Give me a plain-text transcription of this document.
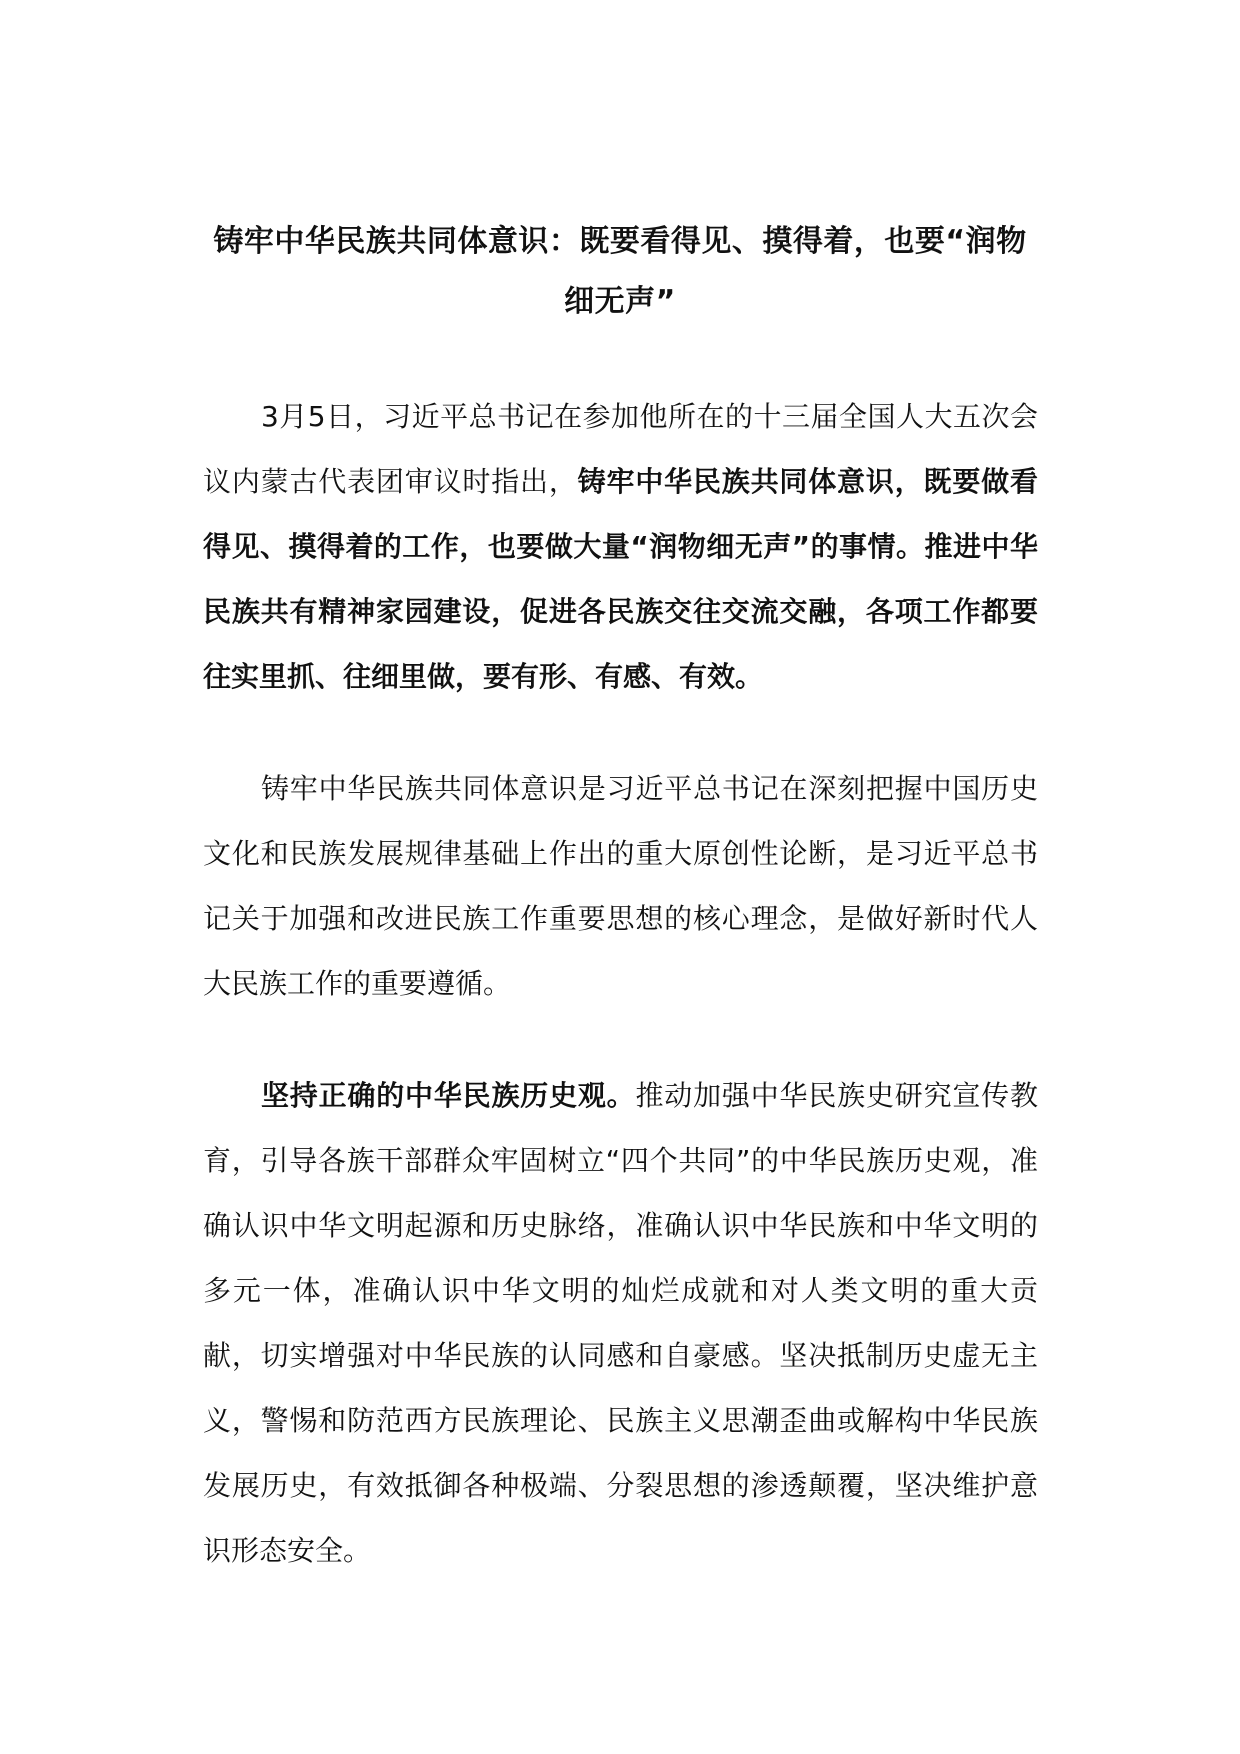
铸牢中华民族共同体意识：既要看得见、摸得着，也要“润物细无声”

3月5日，习近平总书记在参加他所在的十三届全国人大五次会议内蒙古代表团审议时指出，铸牢中华民族共同体意识，既要做看得见、摸得着的工作，也要做大量“润物细无声”的事情。推进中华民族共有精神家园建设，促进各民族交往交流交融，各项工作都要往实里抓、往细里做，要有形、有感、有效。

铸牢中华民族共同体意识是习近平总书记在深刻把握中国历史文化和民族发展规律基础上作出的重大原创性论断，是习近平总书记关于加强和改进民族工作重要思想的核心理念，是做好新时代人大民族工作的重要遵循。

坚持正确的中华民族历史观。推动加强中华民族史研究宣传教育，引导各族干部群众牢固树立“四个共同”的中华民族历史观，准确认识中华文明起源和历史脉络，准确认识中华民族和中华文明的多元一体，准确认识中华文明的灿烂成就和对人类文明的重大贡献，切实增强对中华民族的认同感和自豪感。坚决抵制历史虚无主义，警惕和防范西方民族理论、民族主义思潮歪曲或解构中华民族发展历史，有效抵御各种极端、分裂思想的渗透颠覆，坚决维护意识形态安全。
